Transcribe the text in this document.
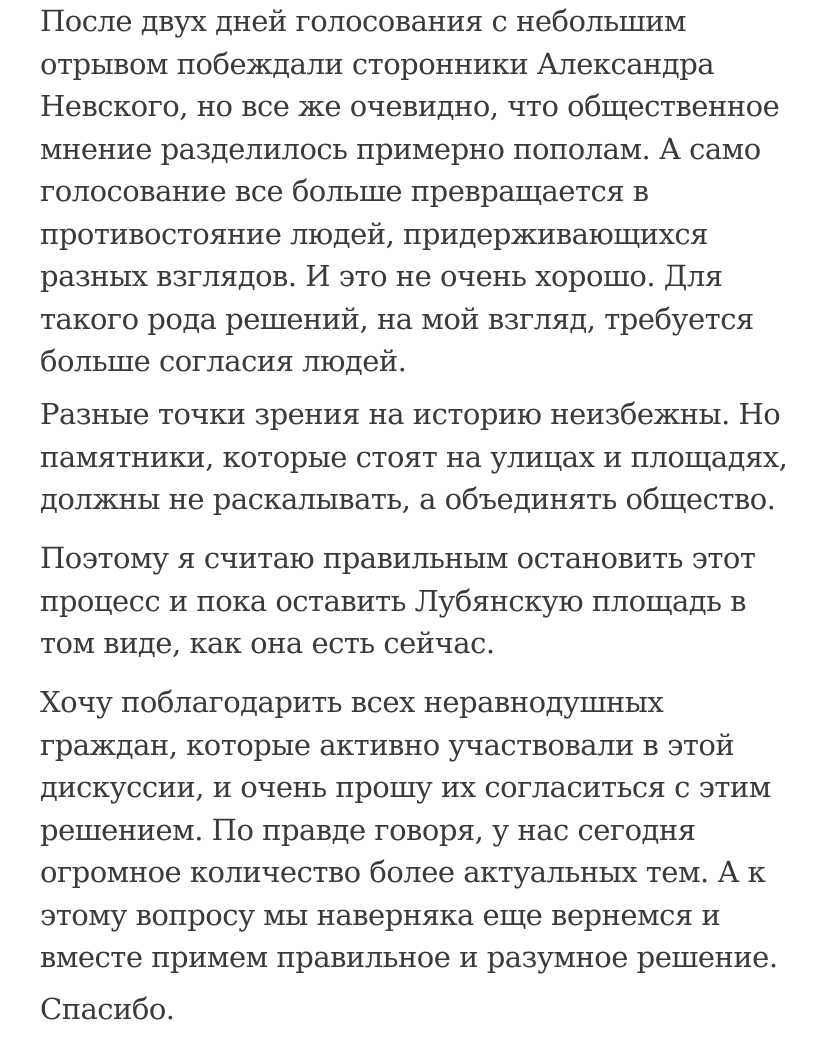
После двух дней голосования с небольшим
отрывом побеждали сторонники Александра
Невского, но все же очевидно, что общественное
мнение разделилось примерно пополам. А само
голосование все больше превращается в
противостояние людей, придерживающихся
разных взглядов. И это не очень хорошо. Для
такого рода решений, на мой взгляд, требуется
больше согласия людей.

Разные точки зрения на историю неизбежны. Но
памятники, которые стоят на улицах и площадях,
должны не раскалывать, а объединять общество.

Поэтому я считаю правильным остановить этот
процесс и пока оставить Лубянскую площадь в
том виде, как она есть сейчас.

Хочу поблагодарить всех неравнодушных
граждан, которые активно участвовали в этой
дискуссии, и очень прошу их согласиться с этим
решением. По правде говоря, у нас сегодня
огромное количество более актуальных тем. А к
этому вопросу мы наверняка еще вернемся и
вместе примем правильное и разумное решение.

Спасибо.
